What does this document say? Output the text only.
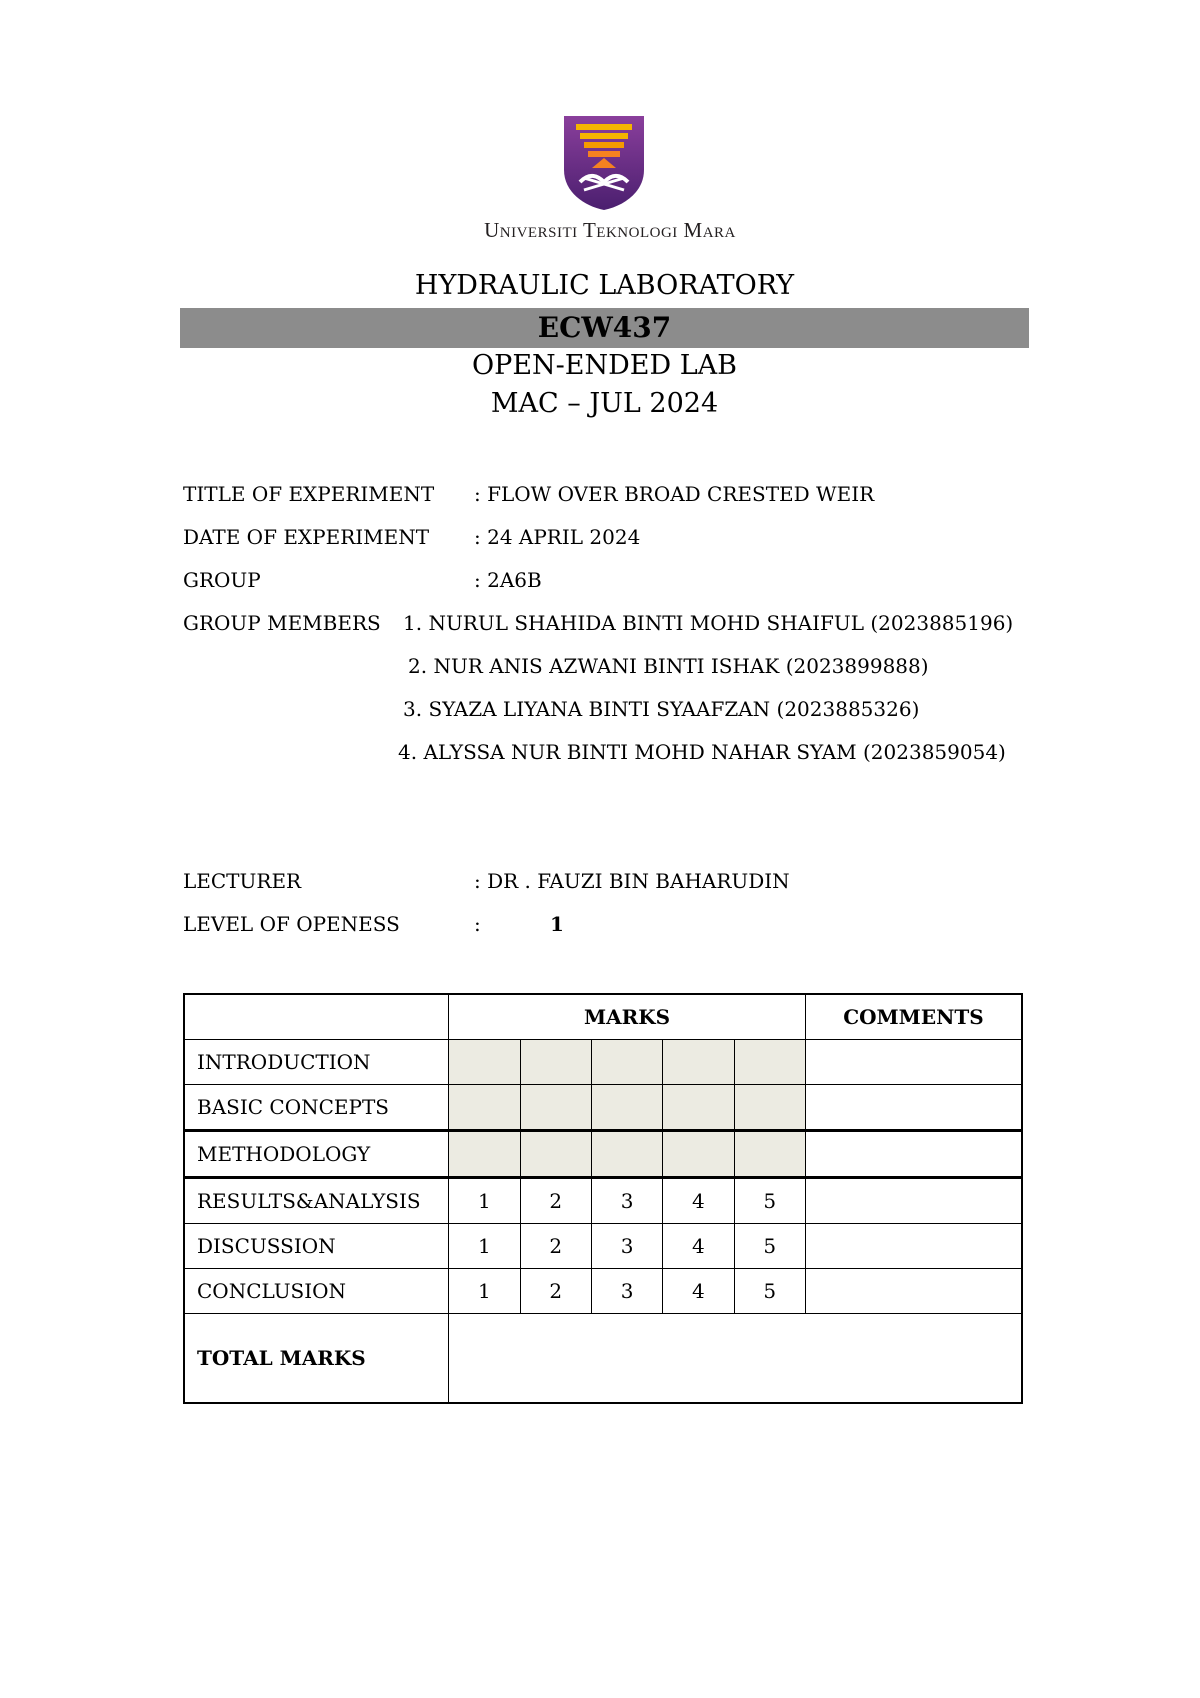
Universiti Teknologi Mara
HYDRAULIC LABORATORY
ECW437
OPEN-ENDED LAB
MAC – JUL 2024
TITLE OF EXPERIMENT : FLOW OVER BROAD CRESTED WEIR
DATE OF EXPERIMENT : 24 APRIL 2024
GROUP	: 2A6B
GROUP MEMBERS 1. NURUL SHAHIDA BINTI MOHD SHAIFUL (2023885196)
2. NUR ANIS AZWANI BINTI ISHAK (2023899888)
3. SYAZA LIYANA BINTI SYAAFZAN (2023885326)
4. ALYSSA NUR BINTI MOHD NAHAR SYAM (2023859054)
LECTURER	: DR . FAUZI BIN BAHARUDIN
LEVEL OF OPENESS	:	1
	MARKS					COMMENTS
INTRODUCTION						
BASIC CONCEPTS						
METHODOLOGY						
RESULTS&ANALYSIS	1	2	3	4	5	
DISCUSSION	1	2	3	4	5	
CONCLUSION	1	2	3	4	5	
TOTAL MARKS						
